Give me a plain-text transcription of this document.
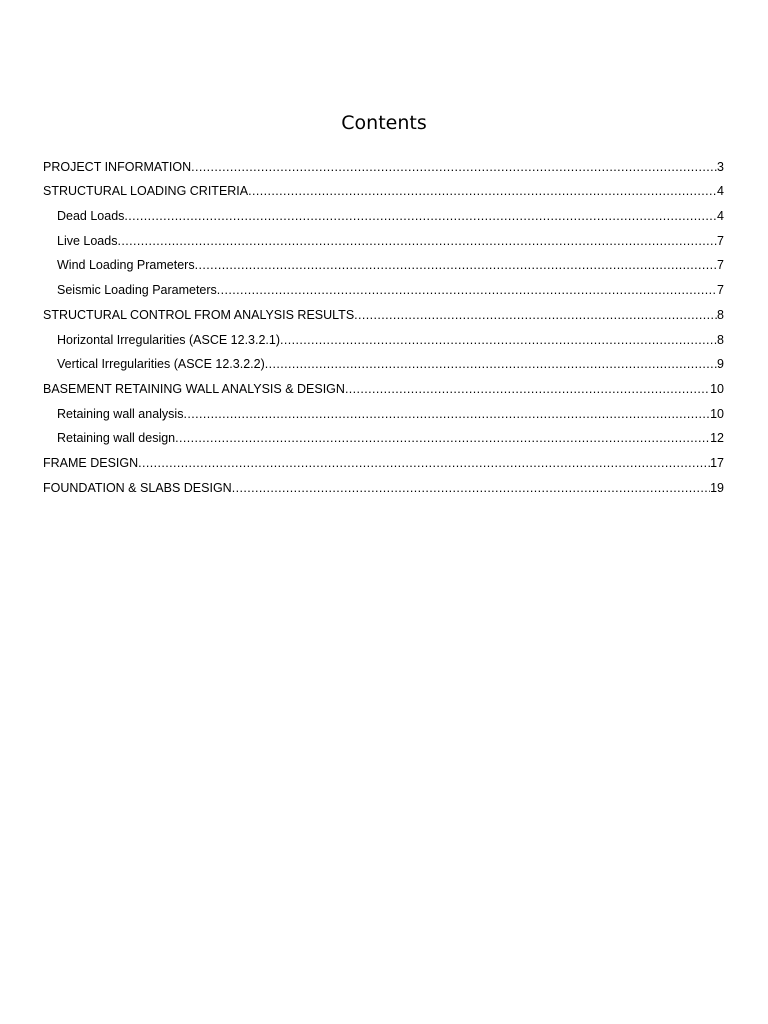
Contents
PROJECT INFORMATION .....	3
STRUCTURAL LOADING CRITERIA .....	4
Dead Loads .....	4
Live Loads .....	7
Wind Loading Prameters .....	7
Seismic Loading Parameters .....	7
STRUCTURAL CONTROL FROM ANALYSIS RESULTS .....	8
Horizontal Irregularities (ASCE 12.3.2.1) .....	8
Vertical Irregularities (ASCE 12.3.2.2) .....	9
BASEMENT RETAINING WALL ANALYSIS & DESIGN .....	10
Retaining wall analysis .....	10
Retaining wall design .....	12
FRAME DESIGN .....	17
FOUNDATION & SLABS DESIGN .....	19
